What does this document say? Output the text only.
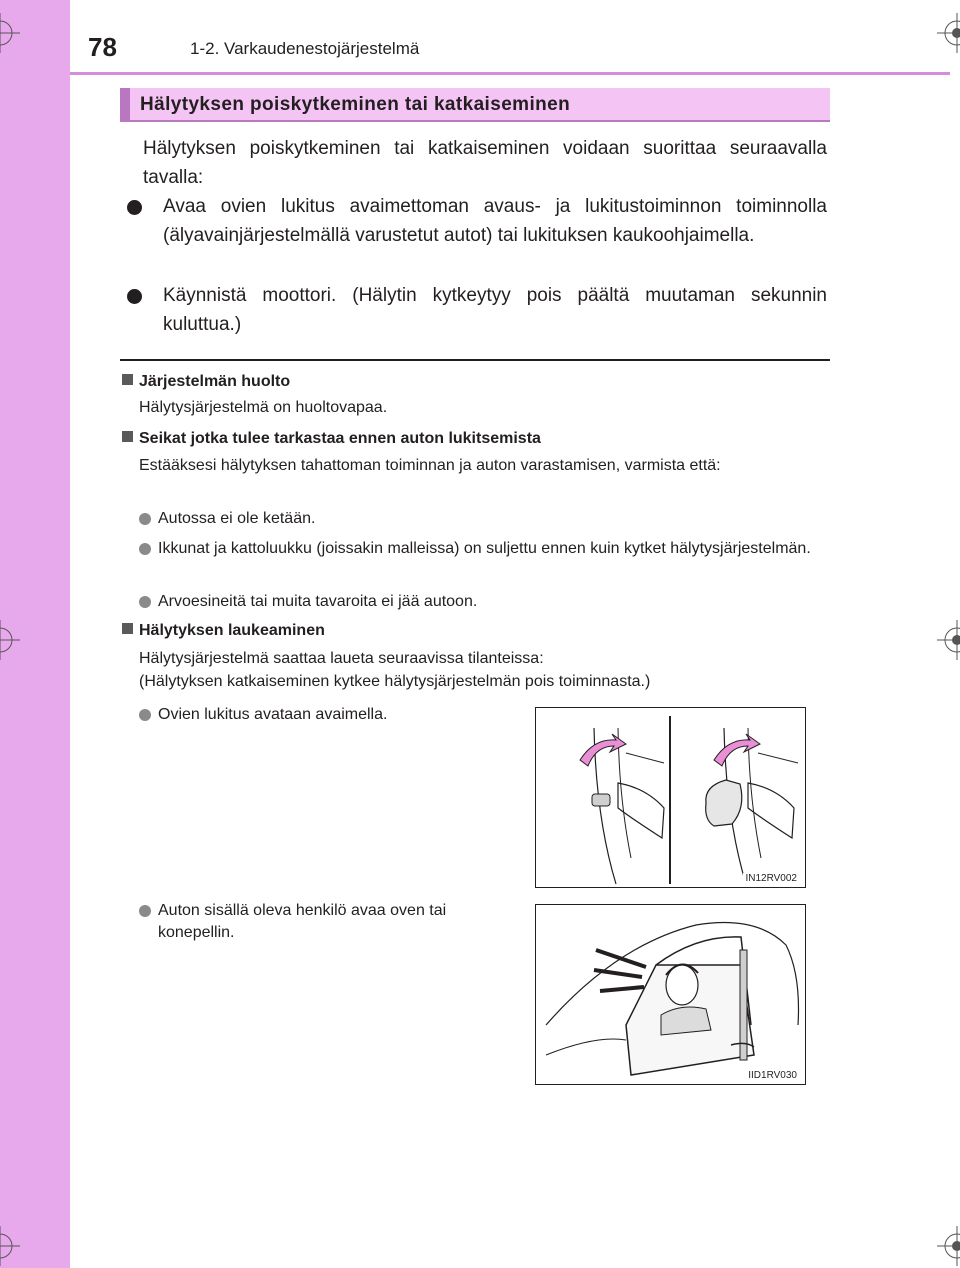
78	1-2. Varkaudenestojärjestelmä
Hälytyksen poiskytkeminen tai katkaiseminen
Hälytyksen poiskytkeminen tai katkaiseminen voidaan suorittaa seuraavalla tavalla:
Avaa ovien lukitus avaimettoman avaus- ja lukitustoiminnon toiminnolla (älyavainjärjestelmällä varustetut autot) tai lukituksen kaukoohjaimella.
Käynnistä moottori. (Hälytin kytkeytyy pois päältä muutaman sekunnin kuluttua.)
Järjestelmän huolto
Hälytysjärjestelmä on huoltovapaa.
Seikat jotka tulee tarkastaa ennen auton lukitsemista
Estääksesi hälytyksen tahattoman toiminnan ja auton varastamisen, varmista että:
Autossa ei ole ketään.
Ikkunat ja kattoluukku (joissakin malleissa) on suljettu ennen kuin kytket hälytysjärjestelmän.
Arvoesineitä tai muita tavaroita ei jää autoon.
Hälytyksen laukeaminen
Hälytysjärjestelmä saattaa laueta seuraavissa tilanteissa:
(Hälytyksen katkaiseminen kytkee hälytysjärjestelmän pois toiminnasta.)
Ovien lukitus avataan avaimella.
Auton sisällä oleva henkilö avaa oven tai konepellin.
IN12RV002
IID1RV030
